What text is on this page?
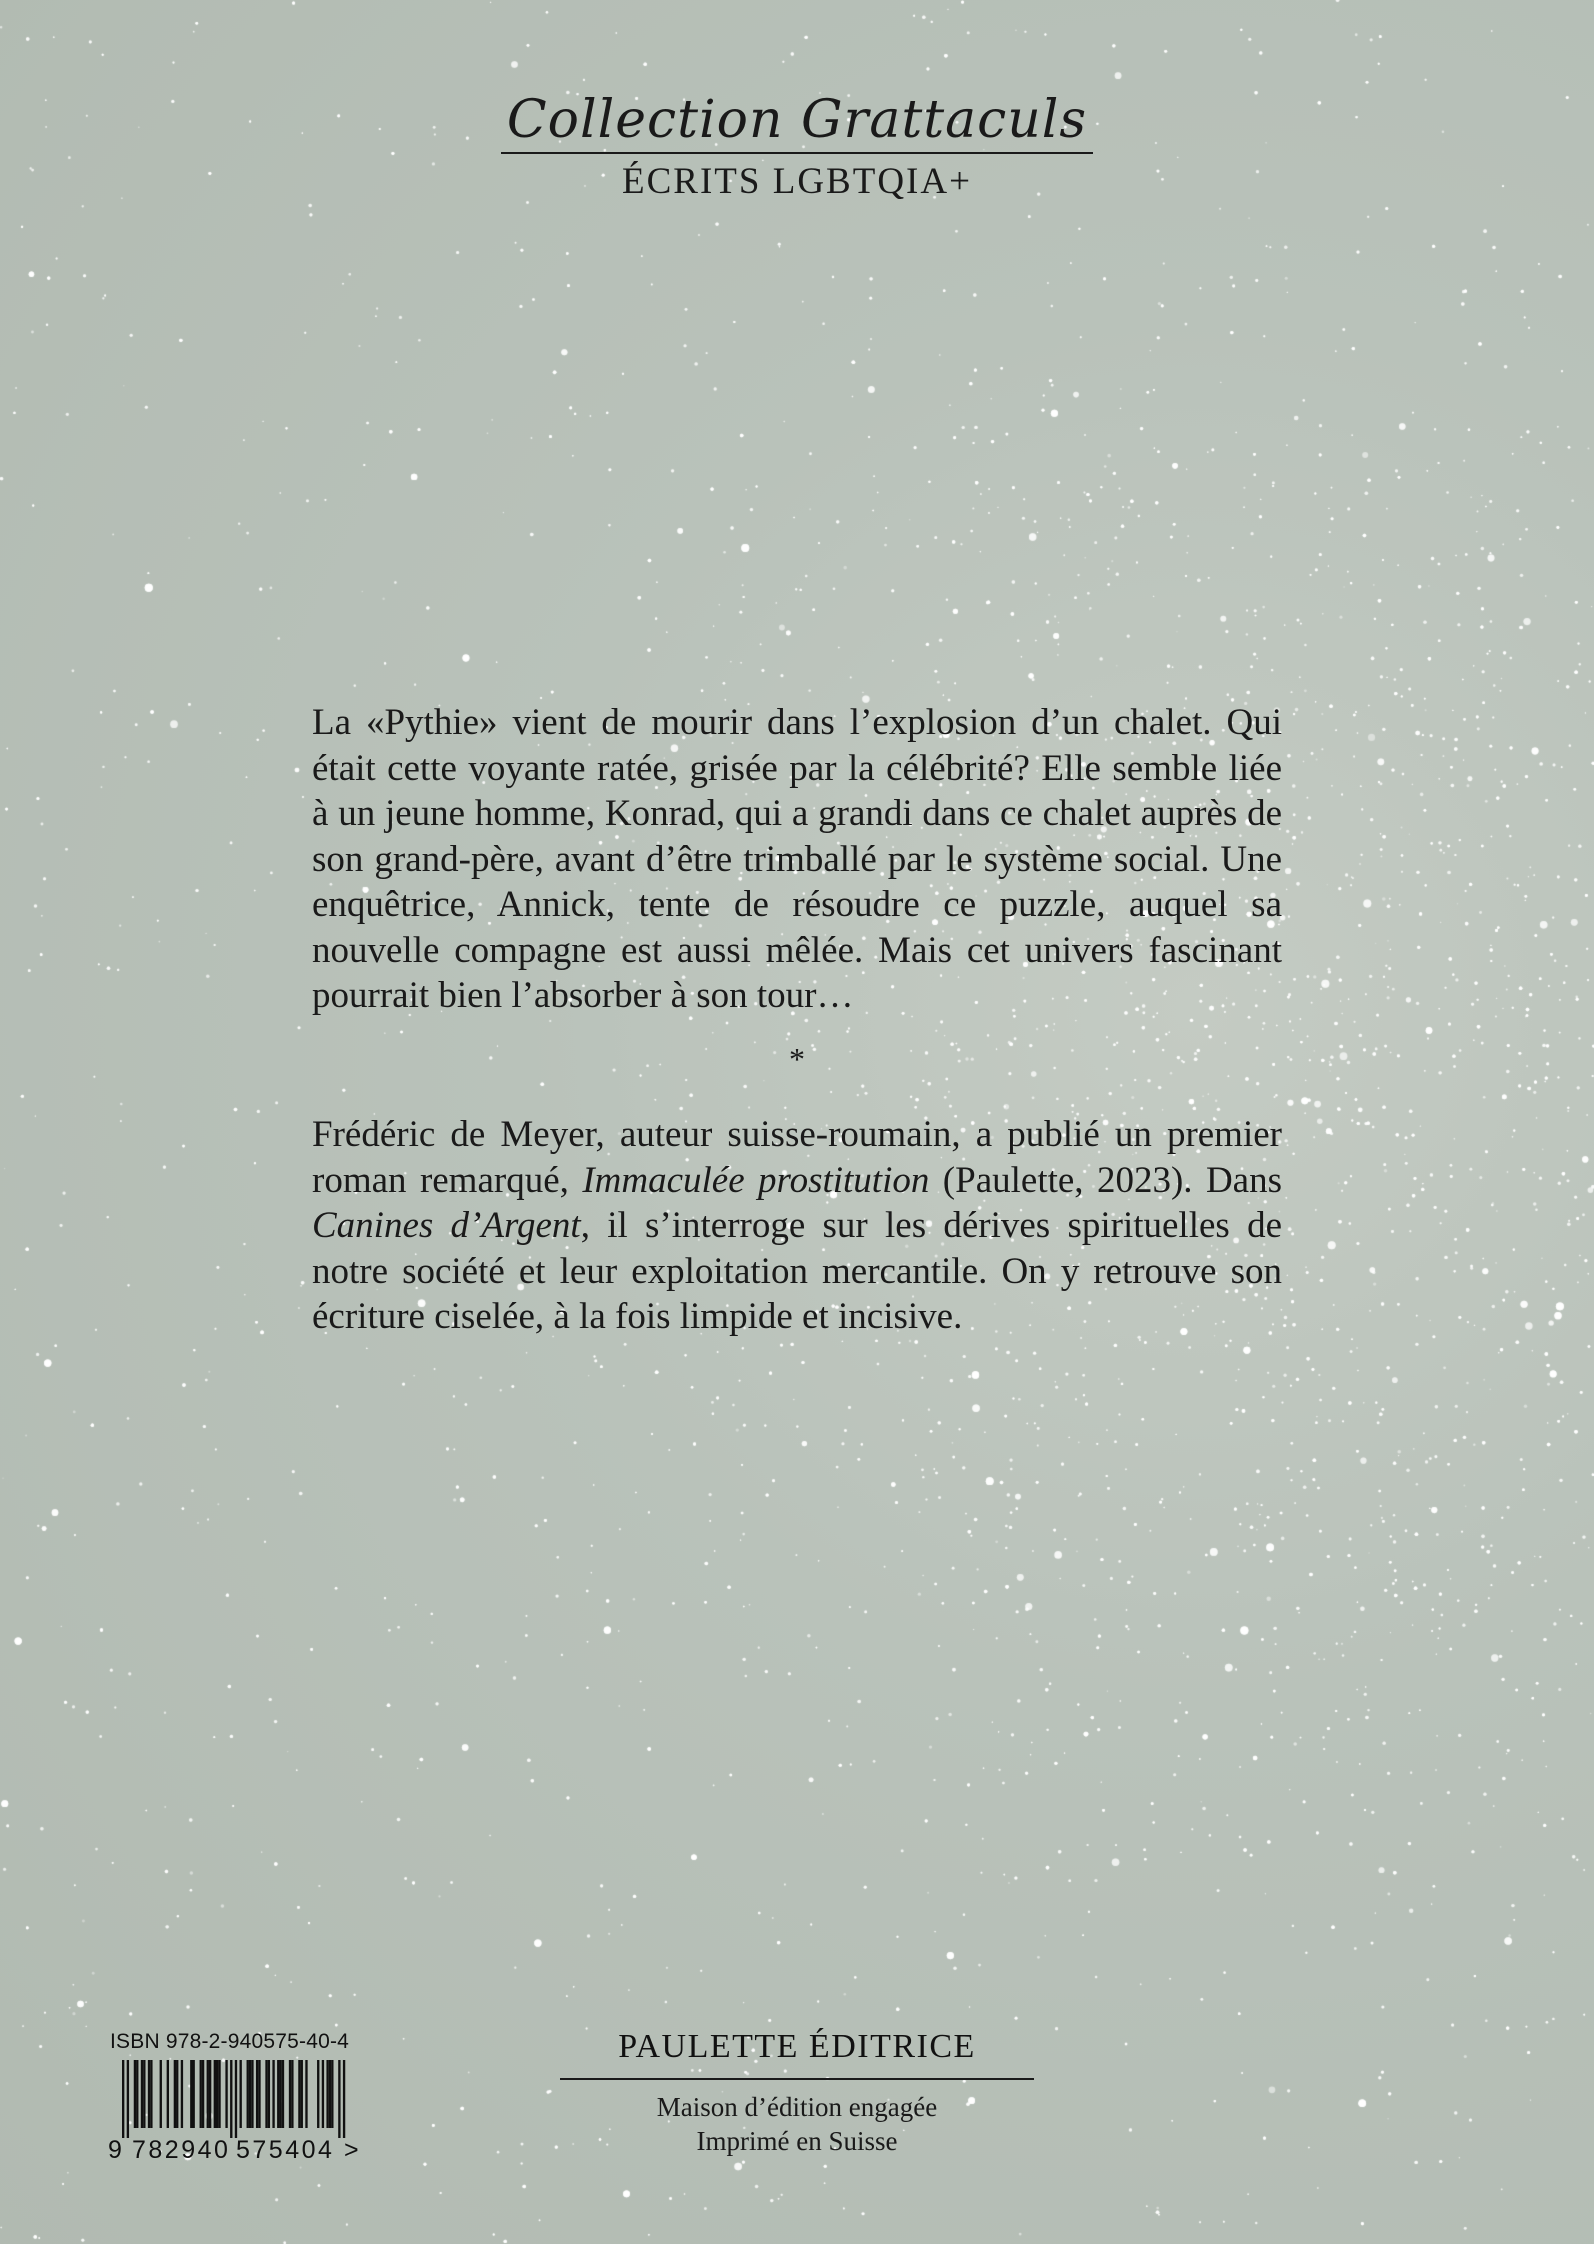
Collection Grattaculs
ÉCRITS LGBTQIA+

La «Pythie» vient de mourir dans l’explosion d’un chalet. Qui était cette voyante ratée, grisée par la célébrité? Elle semble liée à un jeune homme, Konrad, qui a grandi dans ce chalet auprès de son grand-père, avant d’être trimballé par le système social. Une enquêtrice, Annick, tente de résoudre ce puzzle, auquel sa nouvelle compagne est aussi mêlée. Mais cet univers fascinant pourrait bien l’absorber à son tour…

*

Frédéric de Meyer, auteur suisse-roumain, a publié un premier roman remarqué, Immaculée prostitution (Paulette, 2023). Dans Canines d’Argent, il s’interroge sur les dérives spirituelles de notre société et leur exploitation mercantile. On y retrouve son écriture ciselée, à la fois limpide et incisive.

ISBN 978-2-940575-40-4
9 782940 575404 >
PAULETTE ÉDITRICE
Maison d’édition engagée
Imprimé en Suisse
